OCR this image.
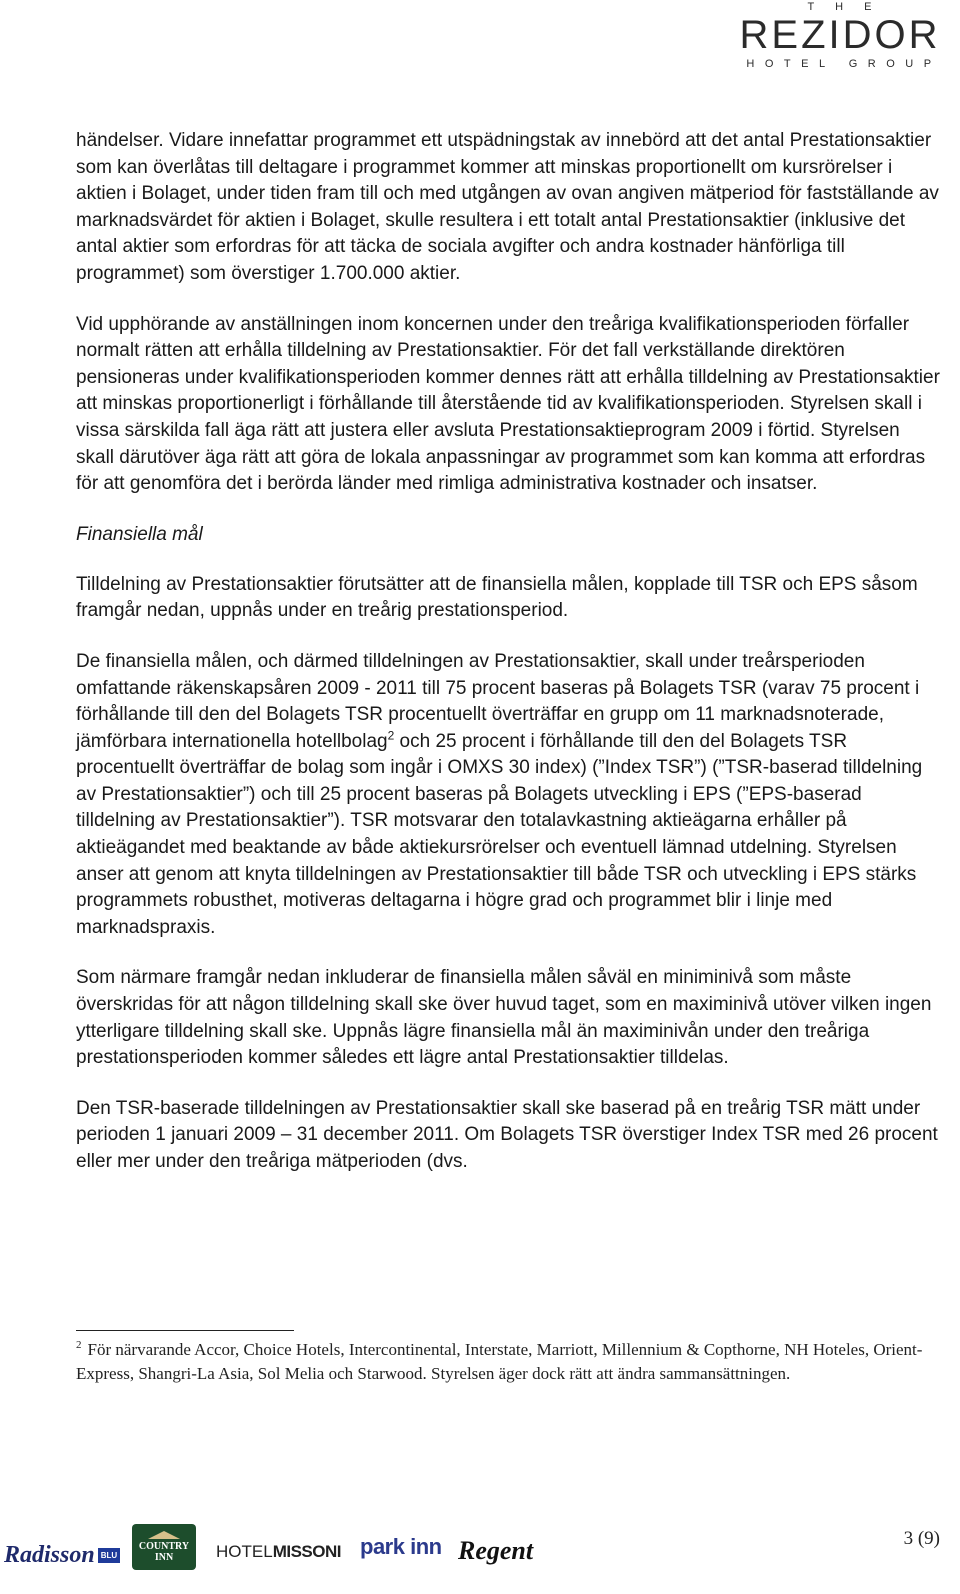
T H E
REZIDOR
HOTEL GROUP

händelser. Vidare innefattar programmet ett utspädningstak av innebörd att det antal Prestationsaktier som kan överlåtas till deltagare i programmet kommer att minskas proportionellt om kursrörelser i aktien i Bolaget, under tiden fram till och med utgången av ovan angiven mätperiod för fastställande av marknadsvärdet för aktien i Bolaget, skulle resultera i ett totalt antal Prestationsaktier (inklusive det antal aktier som erfordras för att täcka de sociala avgifter och andra kostnader hänförliga till programmet) som överstiger 1.700.000 aktier.

Vid upphörande av anställningen inom koncernen under den treåriga kvalifikationsperioden förfaller normalt rätten att erhålla tilldelning av Prestationsaktier. För det fall verkställande direktören pensioneras under kvalifikationsperioden kommer dennes rätt att erhålla tilldelning av Prestationsaktier att minskas proportionerligt i förhållande till återstående tid av kvalifikationsperioden. Styrelsen skall i vissa särskilda fall äga rätt att justera eller avsluta Prestationsaktieprogram 2009 i förtid. Styrelsen skall därutöver äga rätt att göra de lokala anpassningar av programmet som kan komma att erfordras för att genomföra det i berörda länder med rimliga administrativa kostnader och insatser.

Finansiella mål

Tilldelning av Prestationsaktier förutsätter att de finansiella målen, kopplade till TSR och EPS såsom framgår nedan, uppnås under en treårig prestationsperiod.

De finansiella målen, och därmed tilldelningen av Prestationsaktier, skall under treårsperioden omfattande räkenskapsåren 2009 - 2011 till 75 procent baseras på Bolagets TSR (varav 75 procent i förhållande till den del Bolagets TSR procentuellt överträffar en grupp om 11 marknadsnoterade, jämförbara internationella hotellbolag$^2$ och 25 procent i förhållande till den del Bolagets TSR procentuellt överträffar de bolag som ingår i OMXS 30 index) (”Index TSR”) (”TSR-baserad tilldelning av Prestationsaktier”) och till 25 procent baseras på Bolagets utveckling i EPS (”EPS-baserad tilldelning av Prestationsaktier”). TSR motsvarar den totalavkastning aktieägarna erhåller på aktieägandet med beaktande av både aktiekursrörelser och eventuell lämnad utdelning. Styrelsen anser att genom att knyta tilldelningen av Prestationsaktier till både TSR och utveckling i EPS stärks programmets robusthet, motiveras deltagarna i högre grad och programmet blir i linje med marknadspraxis.

Som närmare framgår nedan inkluderar de finansiella målen såväl en miniminivå som måste överskridas för att någon tilldelning skall ske över huvud taget, som en maximinivå utöver vilken ingen ytterligare tilldelning skall ske. Uppnås lägre finansiella mål än maximinivån under den treåriga prestationsperioden kommer således ett lägre antal Prestationsaktier tilldelas.

Den TSR-baserade tilldelningen av Prestationsaktier skall ske baserad på en treårig TSR mätt under perioden 1 januari 2009 – 31 december 2011. Om Bolagets TSR överstiger Index TSR med 26 procent eller mer under den treåriga mätperioden (dvs.

$^2$ För närvarande Accor, Choice Hotels, Intercontinental, Interstate, Marriott, Millennium & Copthorne, NH Hoteles, Orient-Express, Shangri-La Asia, Sol Melia och Starwood. Styrelsen äger dock rätt att ändra sammansättningen.
Radisson BLU
COUNTRY INN	HOTEL MISSONI park inn Regent	3 (9)
